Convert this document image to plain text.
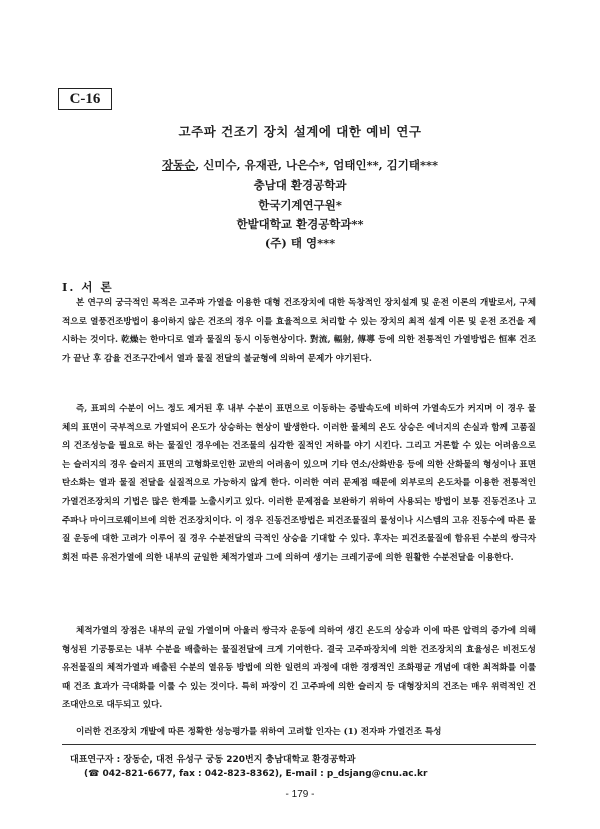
C-16
고주파 건조기 장치 설계에 대한 예비 연구
장동순, 신미수, 유재관, 나은수*, 엄태인**, 김기태***
충남대 환경공학과
한국기계연구원*
한밭대학교 환경공학과**
(주) 태 영***
I. 서 론

본 연구의 궁극적인 목적은 고주파 가열을 이용한 대형 건조장치에 대한 독창적인 장치설계 및 운전 이론의 개발로서, 구체적으로 열풍건조방법이 용이하지 않은 건조의 경우 이를 효율적으로 처리할 수 있는 장치의 최적 설계 이론 및 운전 조건을 제시하는 것이다. 乾燥는 한마디로 열과 물질의 동시 이동현상이다. 對流, 輻射, 傳導 등에 의한 전통적인 가열방법은 恒率 건조가 끝난 후 감율 건조구간에서 열과 물질 전달의 불균형에 의하여 문제가 야기된다.

즉, 표피의 수분이 어느 정도 제거된 후 내부 수분이 표면으로 이동하는 증발속도에 비하여 가열속도가 커지며 이 경우 물체의 표면이 국부적으로 가열되어 온도가 상승하는 현상이 발생한다. 이러한 물체의 온도 상승은 에너지의 손실과 함께 고품질의 건조성능을 필요로 하는 물질인 경우에는 건조물의 심각한 질적인 저하를 야기 시킨다. 그리고 거론할 수 있는 어려움으로는 슬러지의 경우 슬러지 표면의 고형화로인한 교반의 어려움이 있으며 기타 연소/산화반응 등에 의한 산화물의 형성이나 표면탄소화는 열과 물질 전달을 실질적으로 가능하지 않게 한다. 이러한 여러 문제점 때문에 외부로의 온도차를 이용한 전통적인 가열건조장치의 기법은 많은 한계를 노출시키고 있다. 이러한 문제점을 보완하기 위하여 사용되는 방법이 보통 진동건조나 고주파나 마이크로웨이브에 의한 건조장치이다. 이 경우 진동건조방법은 피건조물질의 물성이나 시스템의 고유 진동수에 따른 물질 운동에 대한 고려가 이루어 질 경우 수분전달의 극적인 상승을 기대할 수 있다. 후자는 피건조물질에 함유된 수분의 쌍극자 회전 따른 유전가열에 의한 내부의 균일한 체적가열과 그에 의하여 생기는 크레기공에 의한 원활한 수분전달을 이용한다.

체적가열의 장점은 내부의 균일 가열이며 아울러 쌍극자 운동에 의하여 생긴 온도의 상승과 이에 따른 압력의 증가에 의해 형성된 기공통로는 내부 수분을 배출하는 물질전달에 크게 기여한다. 결국 고주파장치에 의한 건조장치의 효율성은 비전도성 유전물질의 체적가열과 배출된 수분의 열유동 방법에 의한 일련의 과정에 대한 경쟁적인 조화평균 개념에 대한 최적화를 이룰 때 건조 효과가 극대화를 이룰 수 있는 것이다. 특히 파장이 긴 고주파에 의한 슬러지 등 대형장치의 건조는 매우 위력적인 건조대안으로 대두되고 있다.

이러한 건조장치 개발에 따른 정확한 성능평가를 위하여 고려할 인자는 (1) 전자파 가열건조 특성

대표연구자 : 장동순, 대전 유성구 궁동 220번지 충남대학교 환경공학과
(☎ 042-821-6677, fax : 042-823-8362), E-mail : p_dsjang@cnu.ac.kr
- 179 -
